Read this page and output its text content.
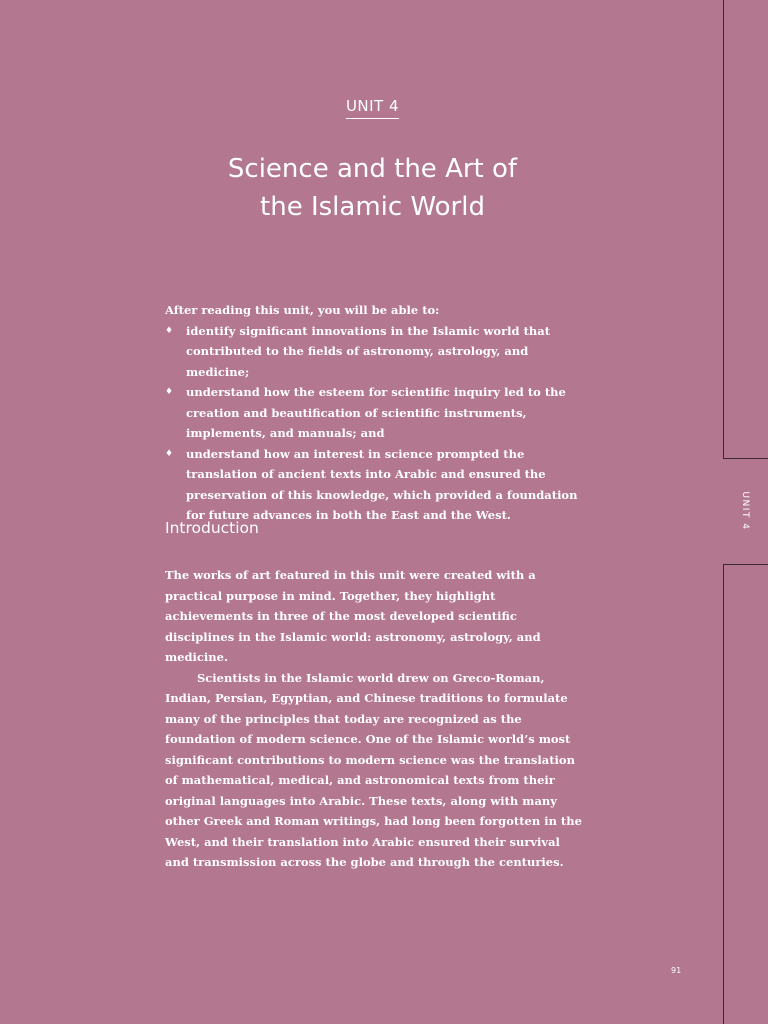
UNIT 4
UNIT 4
Science and the Art of
the Islamic World

After reading this unit, you will be able to:

♦ identify significant innovations in the Islamic world that contributed to the fields of astronomy, astrology, and medicine;
♦ understand how the esteem for scientific inquiry led to the creation and beautification of scientific instruments, implements, and manuals; and
♦ understand how an interest in science prompted the translation of ancient texts into Arabic and ensured the preservation of this knowledge, which provided a foundation for future advances in both the East and the West.
Introduction

The works of art featured in this unit were created with a practical purpose in mind. Together, they highlight achievements in three of the most developed scientific disciplines in the Islamic world: astronomy, astrology, and medicine.

Scientists in the Islamic world drew on Greco-Roman, Indian, Persian, Egyptian, and Chinese traditions to formulate many of the principles that today are recognized as the foundation of modern science. One of the Islamic world’s most significant contributions to modern science was the translation of mathematical, medical, and astronomical texts from their original languages into Arabic. These texts, along with many other Greek and Roman writings, had long been forgotten in the West, and their translation into Arabic ensured their survival and transmission across the globe and through the centuries.

91
